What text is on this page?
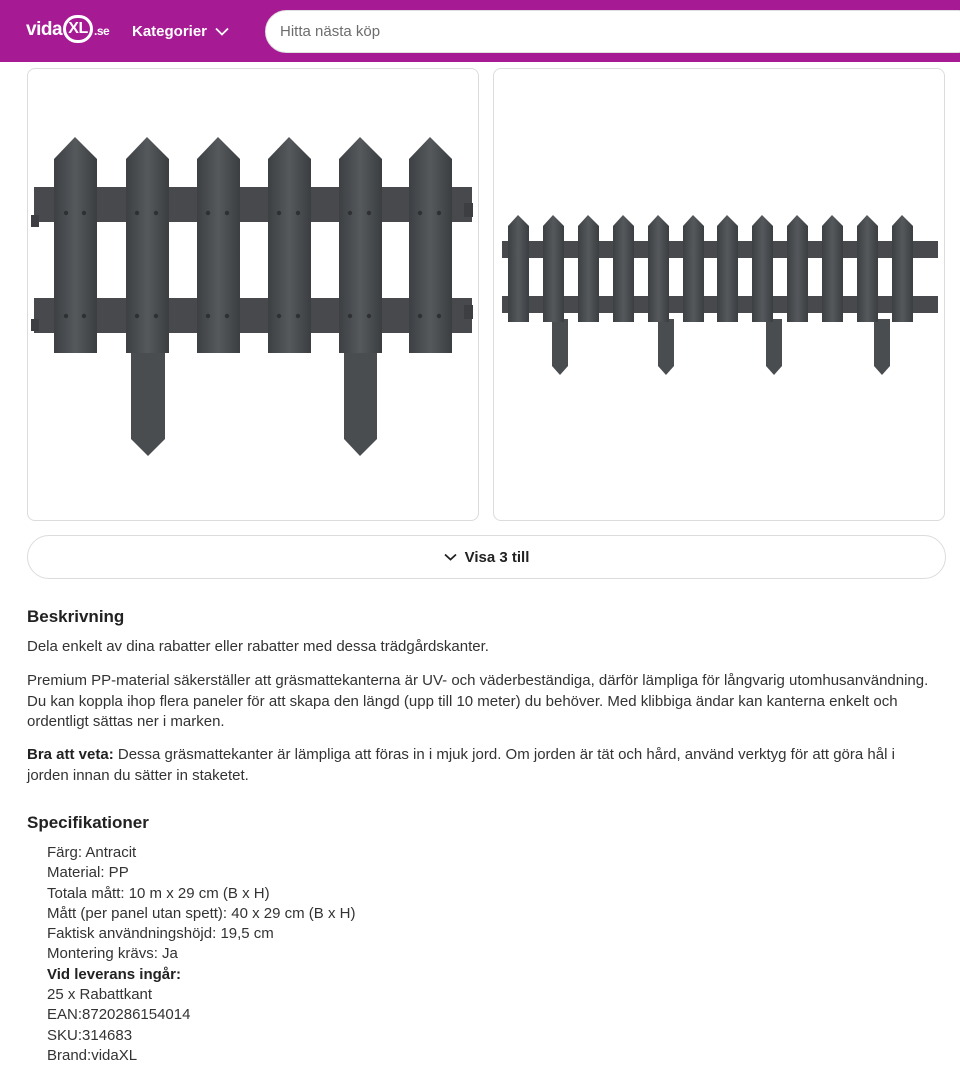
vida XL .se Kategorier
Hitta nästa köp
Visa 3 till
Beskrivning

Dela enkelt av dina rabatter eller rabatter med dessa trädgårdskanter.

Premium PP-material säkerställer att gräsmattekanterna är UV- och väderbeständiga, därför lämpliga för långvarig utomhusanvändning. Du kan koppla ihop flera paneler för att skapa den längd (upp till 10 meter) du behöver. Med klibbiga ändar kan kanterna enkelt och ordentligt sättas ner i marken.

Bra att veta: Dessa gräsmattekanter är lämpliga att föras in i mjuk jord. Om jorden är tät och hård, använd verktyg för att göra hål i jorden innan du sätter in staketet.

Specifikationer
Färg: Antracit
Material: PP
Totala mått: 10 m x 29 cm (B x H)
Mått (per panel utan spett): 40 x 29 cm (B x H)
Faktisk användningshöjd: 19,5 cm
Montering krävs: Ja
Vid leverans ingår:
25 x Rabattkant
EAN:8720286154014
SKU:314683
Brand:vidaXL
